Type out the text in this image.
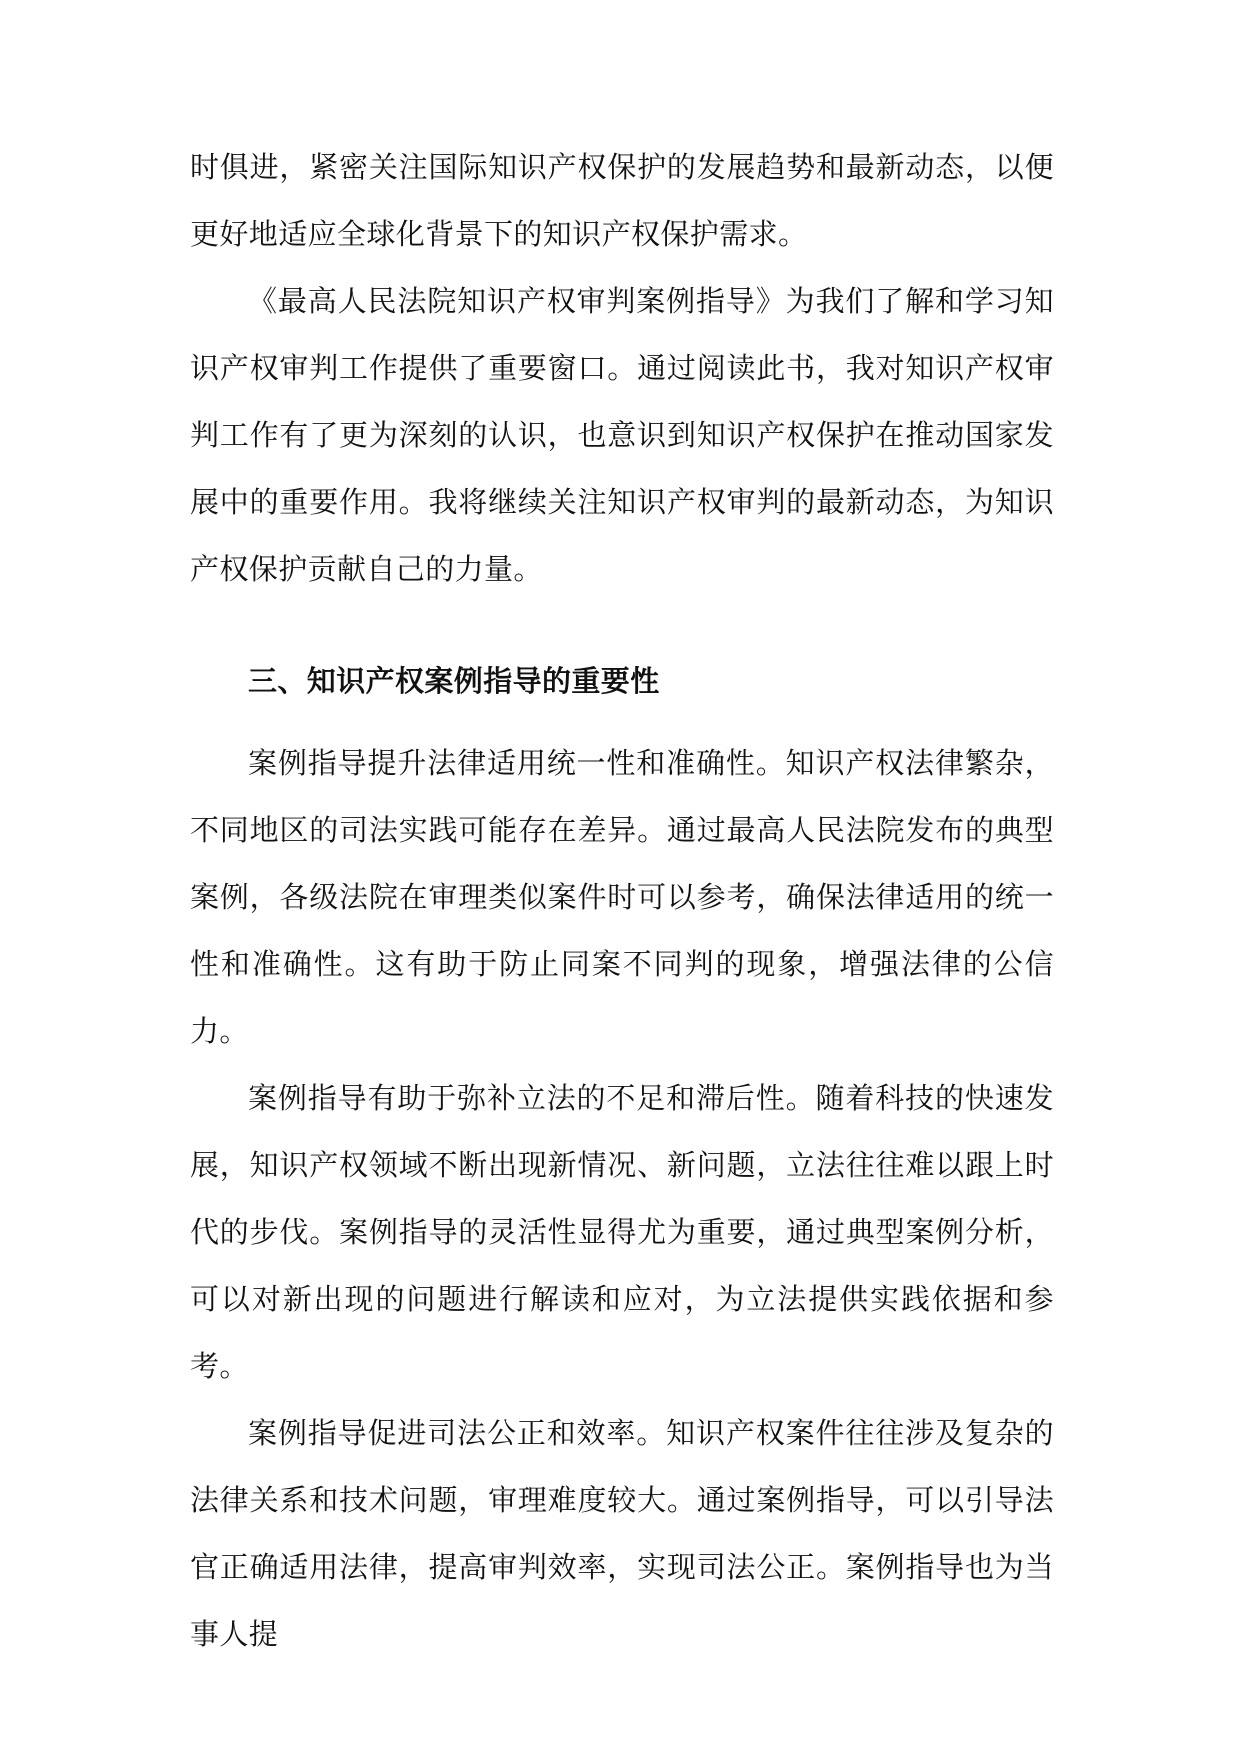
时俱进，紧密关注国际知识产权保护的发展趋势和最新动态，以便更好地适应全球化背景下的知识产权保护需求。

《最高人民法院知识产权审判案例指导》为我们了解和学习知识产权审判工作提供了重要窗口。通过阅读此书，我对知识产权审判工作有了更为深刻的认识，也意识到知识产权保护在推动国家发展中的重要作用。我将继续关注知识产权审判的最新动态，为知识产权保护贡献自己的力量。

三、知识产权案例指导的重要性

案例指导提升法律适用统一性和准确性。知识产权法律繁杂，不同地区的司法实践可能存在差异。通过最高人民法院发布的典型案例，各级法院在审理类似案件时可以参考，确保法律适用的统一性和准确性。这有助于防止同案不同判的现象，增强法律的公信力。

案例指导有助于弥补立法的不足和滞后性。随着科技的快速发展，知识产权领域不断出现新情况、新问题，立法往往难以跟上时代的步伐。案例指导的灵活性显得尤为重要，通过典型案例分析，可以对新出现的问题进行解读和应对，为立法提供实践依据和参考。

案例指导促进司法公正和效率。知识产权案件往往涉及复杂的法律关系和技术问题，审理难度较大。通过案例指导，可以引导法官正确适用法律，提高审判效率，实现司法公正。案例指导也为当事人提
